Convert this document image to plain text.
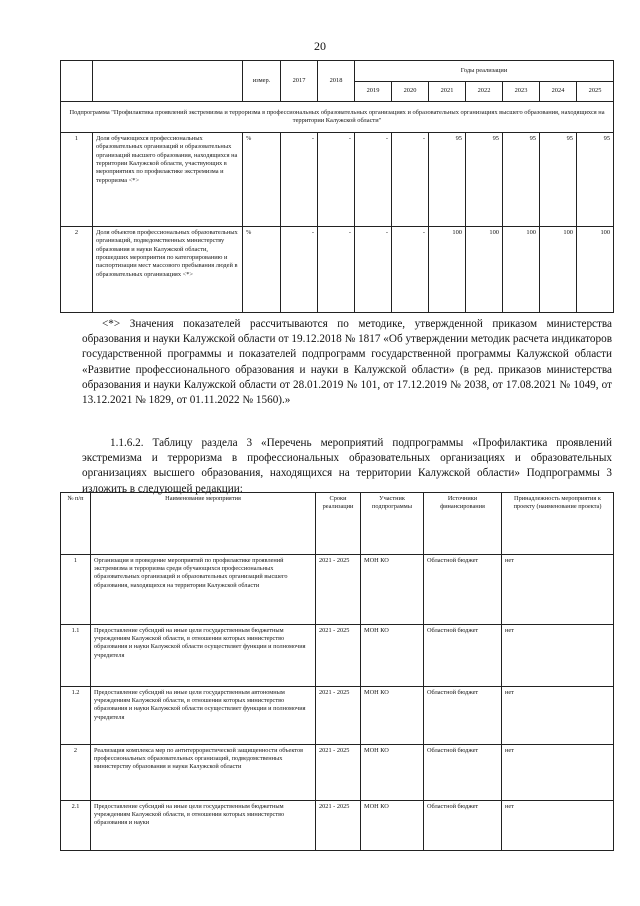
20
		измер.	2017	2018	Годы реализации						
					2019	2020	2021	2022	2023	2024	2025
Подпрограмма "Профилактика проявлений экстремизма и терроризма в профессиональных образовательных организациях и образовательных организациях высшего образования, находящихся на территории Калужской области"											
1	Доля обучающихся профессиональных образовательных организаций и образовательных организаций высшего образования, находящихся на территории Калужской области, участвующих в мероприятиях по профилактике экстремизма и терроризма <*>	%	-	-	-	-	95	95	95	95	95
2	Доля объектов профессиональных образовательных организаций, подведомственных министерству образования и науки Калужской области, прошедших мероприятия по категорированию и паспортизации мест массового пребывания людей в образовательных организациях <*>	%	-	-	-	-	100	100	100	100	100
<*> Значения показателей рассчитываются по методике, утвержденной приказом министерства образования и науки Калужской области от 19.12.2018 № 1817 «Об утверждении методик расчета индикаторов государственной программы и показателей подпрограмм государственной программы Калужской области «Развитие профессионального образования и науки в Калужской области» (в ред. приказов министерства образования и науки Калужской области от 28.01.2019 № 101, от 17.12.2019 № 2038, от 17.08.2021 № 1049, от 13.12.2021 № 1829, от 01.11.2022 № 1560).»
1.1.6.2. Таблицу раздела 3 «Перечень мероприятий подпрограммы «Профилактика проявлений экстремизма и терроризма в профессиональных образовательных организациях и образовательных организациях высшего образования, находящихся на территории Калужской области» Подпрограммы 3 изложить в следующей редакции:
№ п/п	Наименование мероприятия	Сроки реализации	Участник подпрограммы	Источники финансирования	Принадлежность мероприятия к проекту (наименование проекта)
1	Организация и проведение мероприятий по профилактике проявлений экстремизма и терроризма среди обучающихся профессиональных образовательных организаций и образовательных организаций высшего образования, находящихся на территории Калужской области	2021 - 2025	МОН КО	Областной бюджет	нет
1.1	Предоставление субсидий на иные цели государственным бюджетным учреждениям Калужской области, в отношении которых министерство образования и науки Калужской области осуществляет функции и полномочия учредителя	2021 - 2025	МОН КО	Областной бюджет	нет
1.2	Предоставление субсидий на иные цели государственным автономным учреждениям Калужской области, в отношении которых министерство образования и науки Калужской области осуществляет функции и полномочия учредителя	2021 - 2025	МОН КО	Областной бюджет	нет
2	Реализация комплекса мер по антитеррористической защищенности объектов профессиональных образовательных организаций, подведомственных министерству образования и науки Калужской области	2021 - 2025	МОН КО	Областной бюджет	нет
2.1	Предоставление субсидий на иные цели государственным бюджетным учреждениям Калужской области, в отношении которых министерство образования и науки	2021 - 2025	МОН КО	Областной бюджет	нет
